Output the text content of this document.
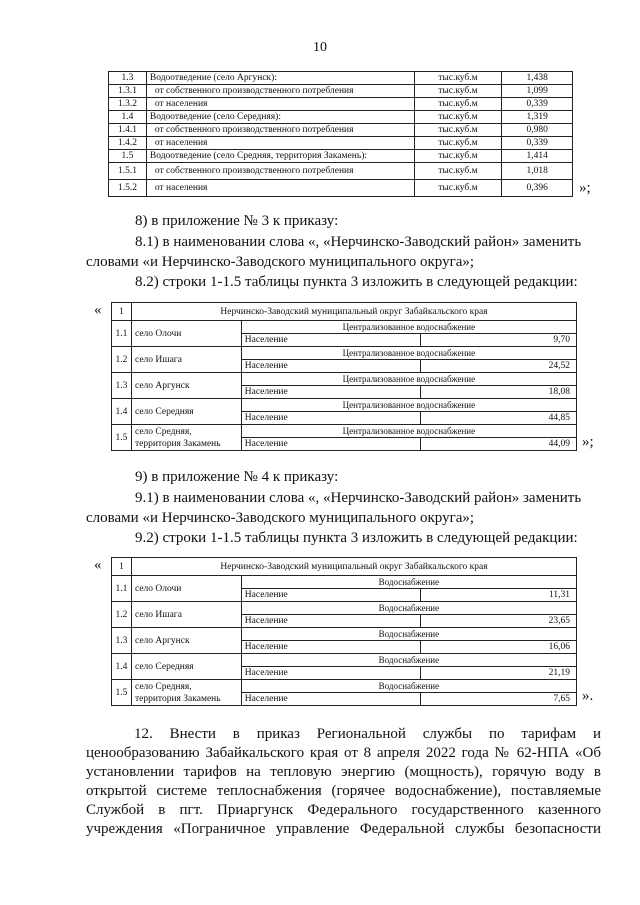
10
1.3	Водоотведение (село Аргунск):	тыс.куб.м	1,438
1.3.1	от собственного производственного потребления	тыс.куб.м	1,099
1.3.2	от населения	тыс.куб.м	0,339
1.4	Водоотведение (село Середняя):	тыс.куб.м	1,319
1.4.1	от собственного производственного потребления	тыс.куб.м	0,980
1.4.2	от населения	тыс.куб.м	0,339
1.5	Водоотведение (село Средняя, территория Закамень):	тыс.куб.м	1,414
1.5.1	от собственного производственного потребления	тыс.куб.м	1,018
1.5.2	от населения	тыс.куб.м	0,396 »;
8) в приложение № 3 к приказу:
8.1) в наименовании слова «, «Нерчинско-Заводский район» заменить
словами «и Нерчинско-Заводского муниципального округа»;
8.2) строки 1-1.5 таблицы пункта 3 изложить в следующей редакции:
« 1	Нерчинско-Заводский муниципальный округ Забайкальского края		
1.1	село Олочи	Централизованное водоснабжение	
		Население	9,70
1.2	село Ишага	Централизованное водоснабжение	
		Население	24,52
1.3	село Аргунск	Централизованное водоснабжение	
		Население	18,08
1.4	село Середняя	Централизованное водоснабжение	
		Население	44,85
1.5	село Средняя, территория Закамень	Централизованное водоснабжение	
		Население	44,09 »;
9) в приложение № 4 к приказу:
9.1) в наименовании слова «, «Нерчинско-Заводский район» заменить
словами «и Нерчинско-Заводского муниципального округа»;
9.2) строки 1-1.5 таблицы пункта 3 изложить в следующей редакции:
« 1	Нерчинско-Заводский муниципальный округ Забайкальского края		
1.1	село Олочи	Водоснабжение	
		Население	11,31
1.2	село Ишага	Водоснабжение	
		Население	23,65
1.3	село Аргунск	Водоснабжение	
		Население	16,06
1.4	село Середняя	Водоснабжение	
		Население	21,19
1.5	село Средняя, территория Закамень	Водоснабжение	
		Население	7,65 ».
12. Внести в приказ Региональной службы по тарифам и
ценообразованию Забайкальского края от 8 апреля 2022 года № 62-НПА «Об
установлении тарифов на тепловую энергию (мощность), горячую воду в
открытой системе теплоснабжения (горячее водоснабжение), поставляемые
Службой в пгт. Приаргунск Федерального государственного казенного
учреждения «Пограничное управление Федеральной службы безопасности
